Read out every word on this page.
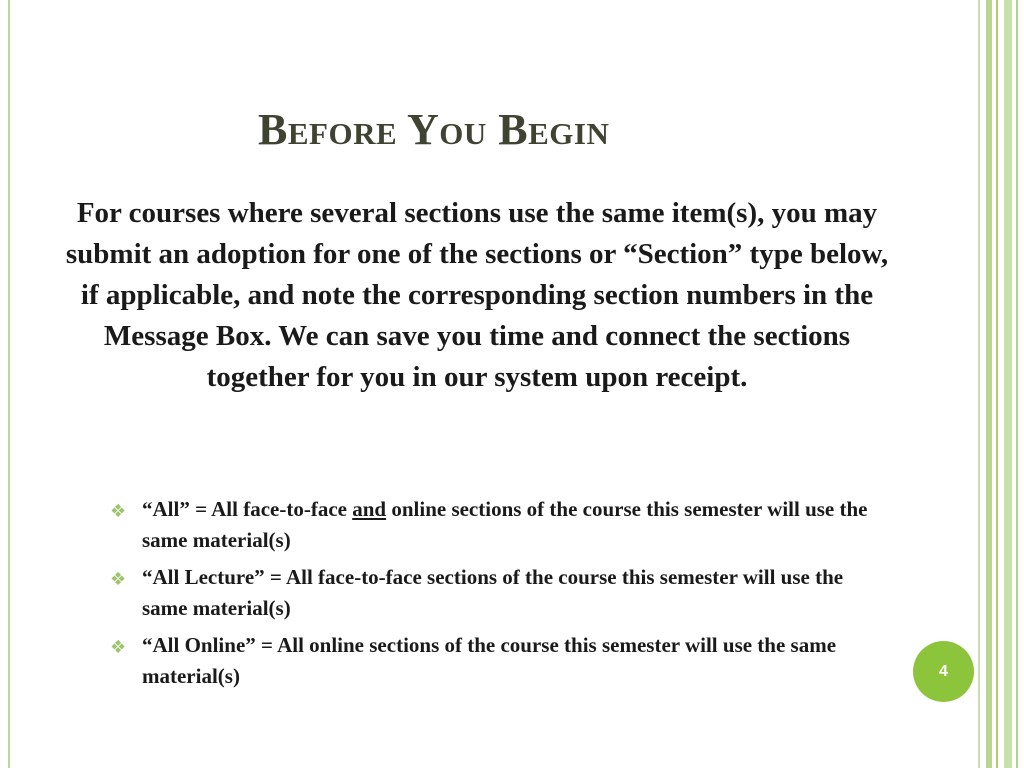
Before You Begin

For courses where several sections use the same item(s), you may submit an adoption for one of the sections or “Section” type below, if applicable, and note the corresponding section numbers in the Message Box. We can save you time and connect the sections together for you in our system upon receipt.

❖ “All” = All face-to-face and online sections of the course this semester will use the same material(s)
❖ “All Lecture” = All face-to-face sections of the course this semester will use the same material(s)
❖ “All Online” = All online sections of the course this semester will use the same material(s)	4
